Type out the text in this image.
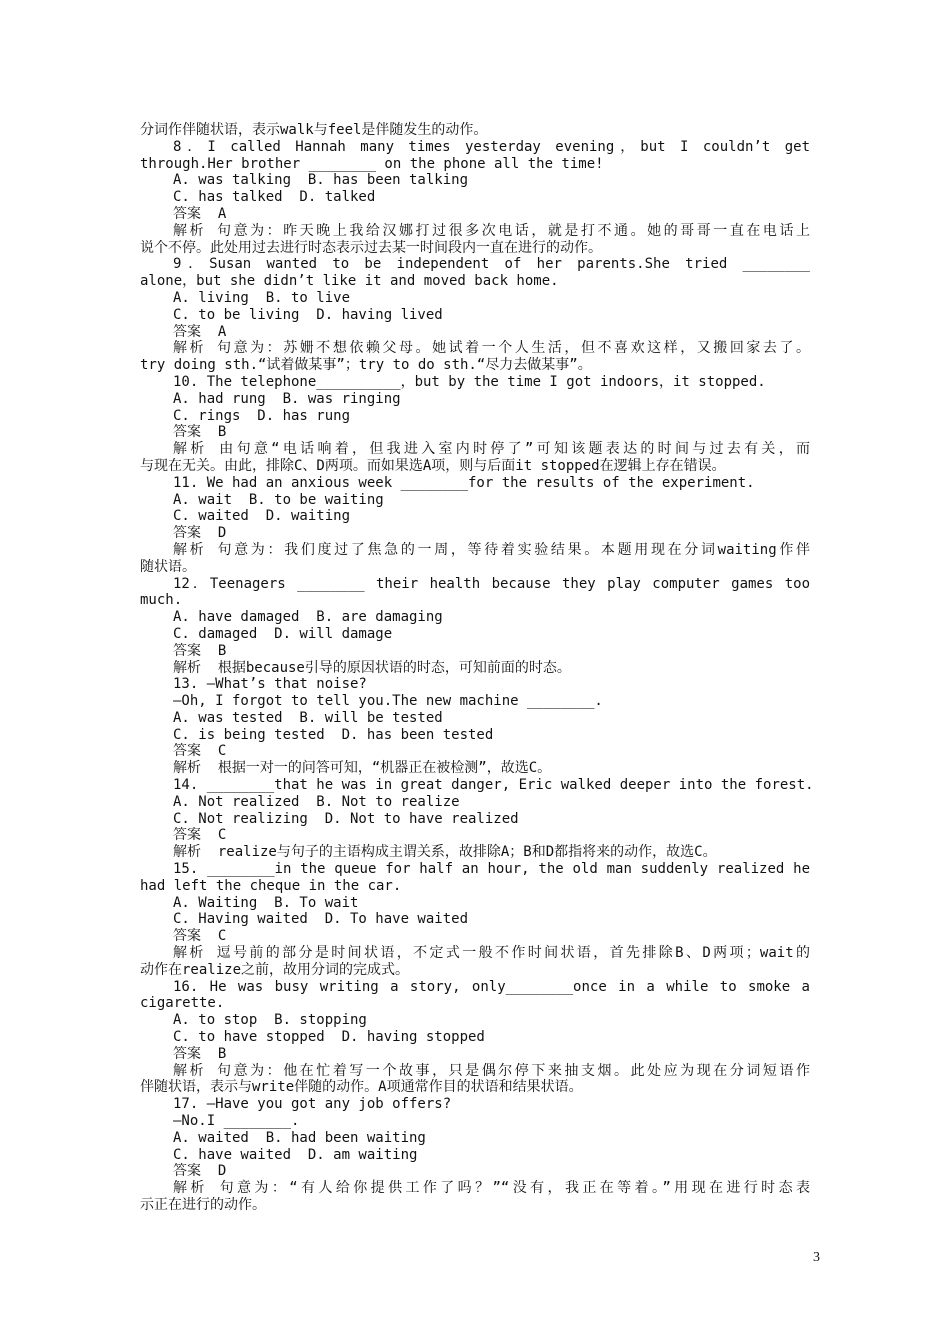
分词作伴随状语，表示walk与feel是伴随发生的动作。
8．I called Hannah many times yesterday evening，but I couldn’t get
through.Her brother ________ on the phone all the time!
A. was talking  B. has been talking
C. has talked  D. talked
答案  A
解析 句意为：昨天晚上我给汉娜打过很多次电话，就是打不通。她的哥哥一直在电话上
说个不停。此处用过去进行时态表示过去某一时间段内一直在进行的动作。
9．Susan wanted to be independent of her parents.She tried ________
alone，but she didn’t like it and moved back home.
A. living  B. to live
C. to be living  D. having lived
答案  A
解析 句意为：苏姗不想依赖父母。她试着一个人生活，但不喜欢这样，又搬回家去了。
try doing sth.“试着做某事”；try to do sth.“尽力去做某事”。
10. The telephone__________，but by the time I got indoors，it stopped.
A. had rung  B. was ringing
C. rings  D. has rung
答案  B
解析 由句意“电话响着，但我进入室内时停了”可知该题表达的时间与过去有关，而
与现在无关。由此，排除C、D两项。而如果选A项，则与后面it stopped在逻辑上存在错误。
11. We had an anxious week ________for the results of the experiment.
A. wait  B. to be waiting
C. waited  D. waiting
答案  D
解析 句意为：我们度过了焦急的一周，等待着实验结果。本题用现在分词waiting作伴
随状语。
12．Teenagers ________ their health because they play computer games too
much.
A. have damaged  B. are damaging
C. damaged  D. will damage
答案  B
解析  根据because引导的原因状语的时态，可知前面的时态。
13. —What’s that noise?
—Oh, I forgot to tell you.The new machine ________.
A. was tested  B. will be tested
C. is being tested  D. has been tested
答案  C
解析  根据一对一的问答可知，“机器正在被检测”，故选C。
14. ________that he was in great danger, Eric walked deeper into the forest.
A. Not realized  B. Not to realize
C. Not realizing  D. Not to have realized
答案  C
解析  realize与句子的主语构成主谓关系，故排除A；B和D都指将来的动作，故选C。
15. ________in the queue for half an hour, the old man suddenly realized he
had left the cheque in the car.
A. Waiting  B. To wait
C. Having waited  D. To have waited
答案  C
解析 逗号前的部分是时间状语，不定式一般不作时间状语，首先排除B、D两项；wait的
动作在realize之前，故用分词的完成式。
16. He was busy writing a story, only________once in a while to smoke a
cigarette.
A. to stop  B. stopping
C. to have stopped  D. having stopped
答案  B
解析 句意为：他在忙着写一个故事，只是偶尔停下来抽支烟。此处应为现在分词短语作
伴随状语，表示与write伴随的动作。A项通常作目的状语和结果状语。
17. —Have you got any job offers?
—No.I ________.
A. waited  B. had been waiting
C. have waited  D. am waiting
答案  D
解析 句意为：“有人给你提供工作了吗？”“没有，我正在等着。”用现在进行时态表
示正在进行的动作。
3
